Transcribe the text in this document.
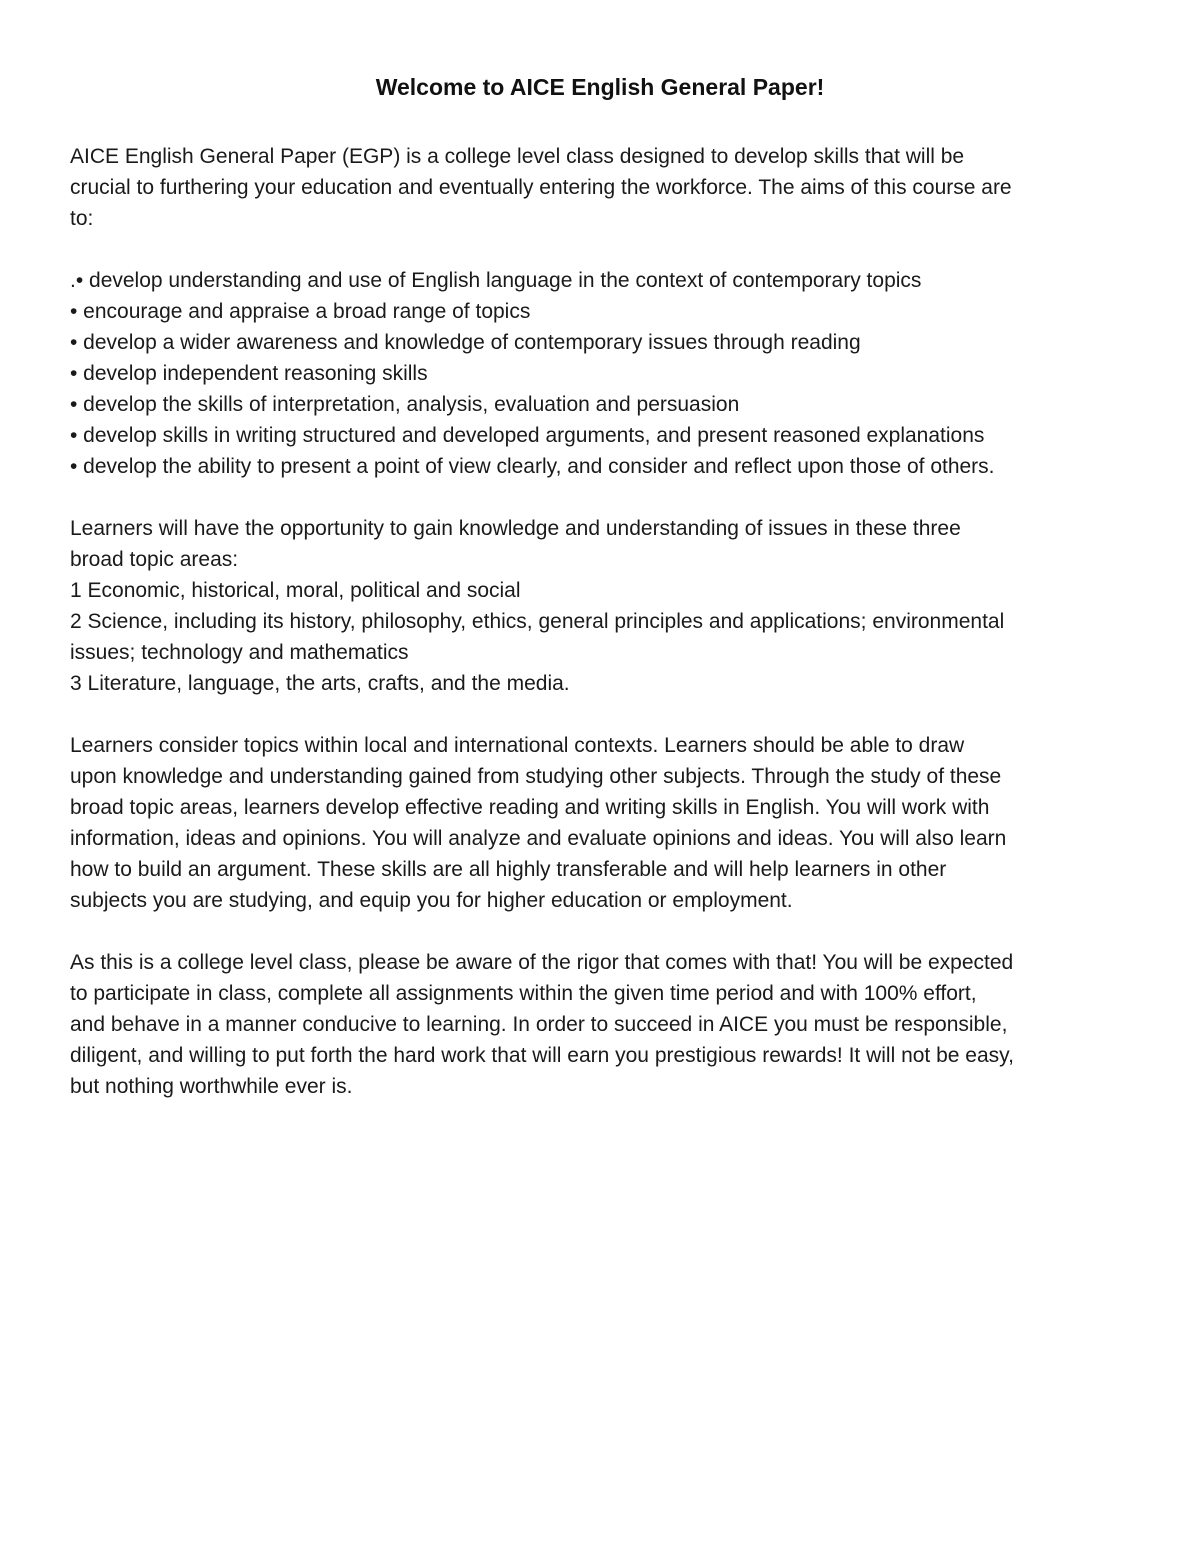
Welcome to AICE English General Paper!
AICE English General Paper (EGP) is a college level class designed to develop skills that will be
crucial to furthering your education and eventually entering the workforce. The aims of this course are
to:
.• develop understanding and use of English language in the context of contemporary topics
• encourage and appraise a broad range of topics
• develop a wider awareness and knowledge of contemporary issues through reading
• develop independent reasoning skills
• develop the skills of interpretation, analysis, evaluation and persuasion
• develop skills in writing structured and developed arguments, and present reasoned explanations
• develop the ability to present a point of view clearly, and consider and reflect upon those of others.
Learners will have the opportunity to gain knowledge and understanding of issues in these three
broad topic areas:
1 Economic, historical, moral, political and social
2 Science, including its history, philosophy, ethics, general principles and applications; environmental
issues; technology and mathematics
3 Literature, language, the arts, crafts, and the media.
Learners consider topics within local and international contexts. Learners should be able to draw
upon knowledge and understanding gained from studying other subjects. Through the study of these
broad topic areas, learners develop effective reading and writing skills in English. You will work with
information, ideas and opinions. You will analyze and evaluate opinions and ideas. You will also learn
how to build an argument. These skills are all highly transferable and will help learners in other
subjects you are studying, and equip you for higher education or employment.
As this is a college level class, please be aware of the rigor that comes with that! You will be expected
to participate in class, complete all assignments within the given time period and with 100% effort,
and behave in a manner conducive to learning. In order to succeed in AICE you must be responsible,
diligent, and willing to put forth the hard work that will earn you prestigious rewards! It will not be easy,
but nothing worthwhile ever is.
